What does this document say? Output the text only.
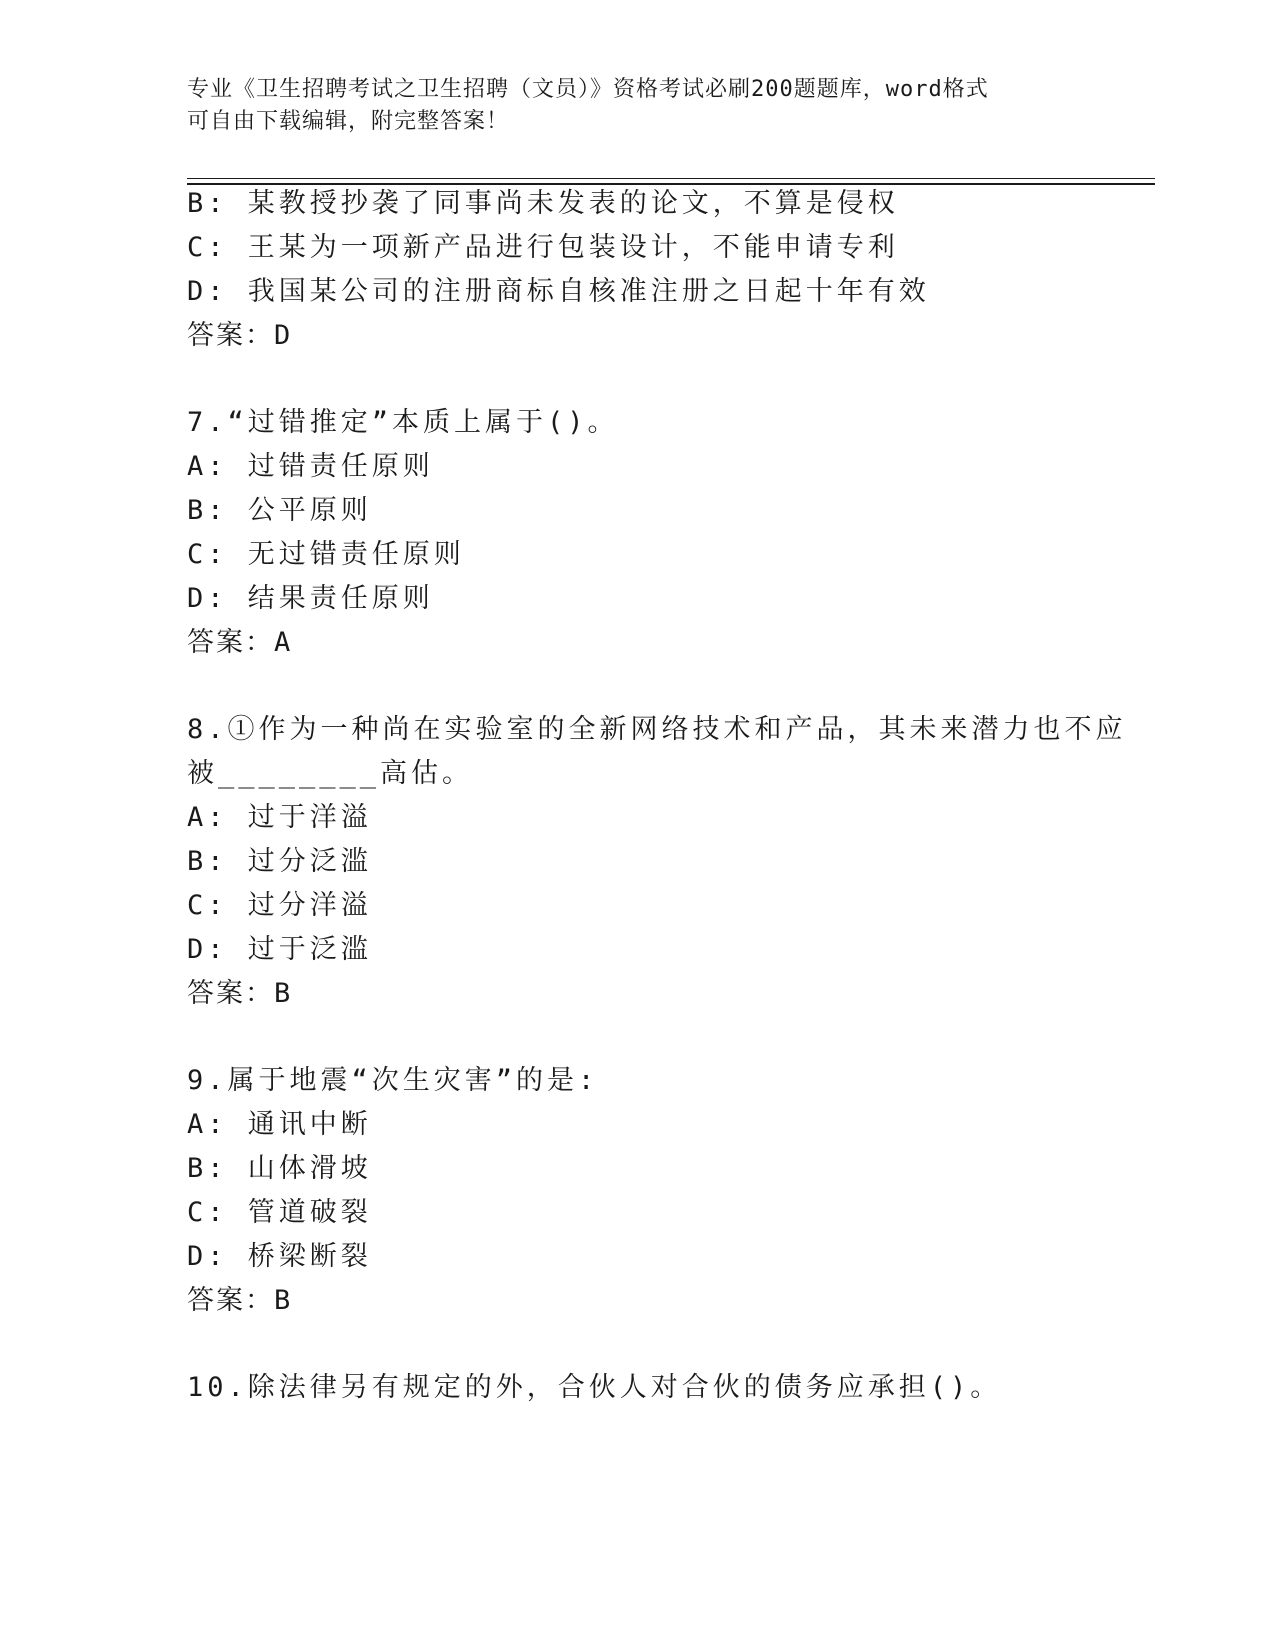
专业《卫生招聘考试之卫生招聘（文员）》资格考试必刷200题题库，word格式
可自由下载编辑，附完整答案！
B: 某教授抄袭了同事尚未发表的论文，不算是侵权
C: 王某为一项新产品进行包装设计，不能申请专利
D: 我国某公司的注册商标自核准注册之日起十年有效
答案：D
7.“过错推定”本质上属于()。
A: 过错责任原则
B: 公平原则
C: 无过错责任原则
D: 结果责任原则
答案：A
8.①作为一种尚在实验室的全新网络技术和产品，其未来潜力也不应
被________高估。
A: 过于洋溢
B: 过分泛滥
C: 过分洋溢
D: 过于泛滥
答案：B
9.属于地震“次生灾害”的是:
A: 通讯中断
B: 山体滑坡
C: 管道破裂
D: 桥梁断裂
答案：B
10.除法律另有规定的外，合伙人对合伙的债务应承担()。
